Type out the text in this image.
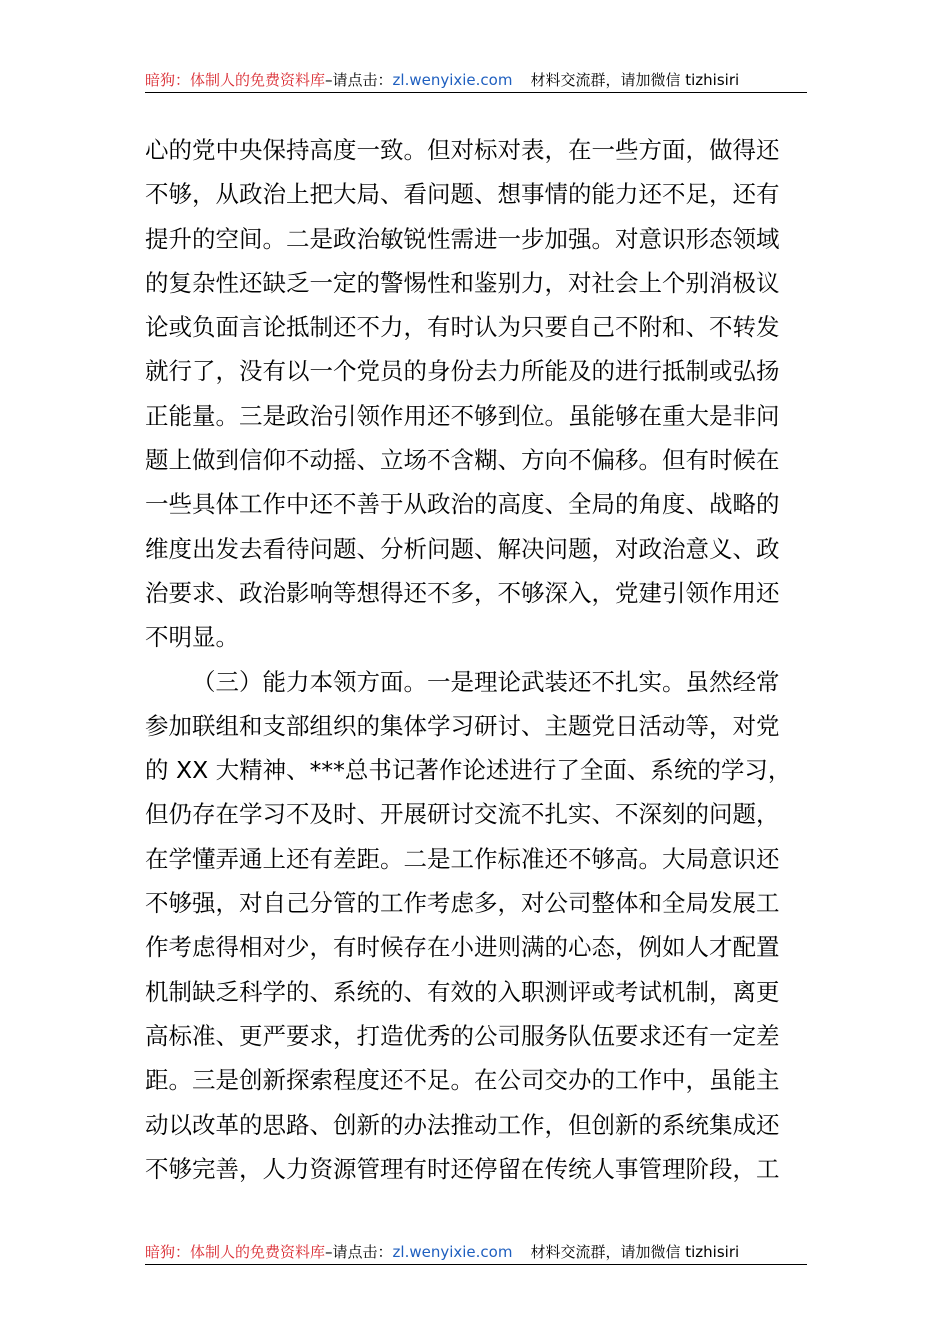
暗狗：体制人的免费资料库–请点击：zl.wenyixie.com 材料交流群，请加微信 tizhisiri
心的党中央保持高度一致。但对标对表，在一些方面，做得还
不够，从政治上把大局、看问题、想事情的能力还不足，还有
提升的空间。二是政治敏锐性需进一步加强。对意识形态领域
的复杂性还缺乏一定的警惕性和鉴别力，对社会上个别消极议
论或负面言论抵制还不力，有时认为只要自己不附和、不转发
就行了，没有以一个党员的身份去力所能及的进行抵制或弘扬
正能量。三是政治引领作用还不够到位。虽能够在重大是非问
题上做到信仰不动摇、立场不含糊、方向不偏移。但有时候在
一些具体工作中还不善于从政治的高度、全局的角度、战略的
维度出发去看待问题、分析问题、解决问题，对政治意义、政
治要求、政治影响等想得还不多，不够深入，党建引领作用还
不明显。
（三）能力本领方面。一是理论武装还不扎实。虽然经常
参加联组和支部组织的集体学习研讨、主题党日活动等，对党
的 XX 大精神、***总书记著作论述进行了全面、系统的学习，
但仍存在学习不及时、开展研讨交流不扎实、不深刻的问题，
在学懂弄通上还有差距。二是工作标准还不够高。大局意识还
不够强，对自己分管的工作考虑多，对公司整体和全局发展工
作考虑得相对少，有时候存在小进则满的心态，例如人才配置
机制缺乏科学的、系统的、有效的入职测评或考试机制，离更
高标准、更严要求，打造优秀的公司服务队伍要求还有一定差
距。三是创新探索程度还不足。在公司交办的工作中，虽能主
动以改革的思路、创新的办法推动工作，但创新的系统集成还
不够完善，人力资源管理有时还停留在传统人事管理阶段，工
暗狗：体制人的免费资料库–请点击：zl.wenyixie.com 材料交流群，请加微信 tizhisiri
